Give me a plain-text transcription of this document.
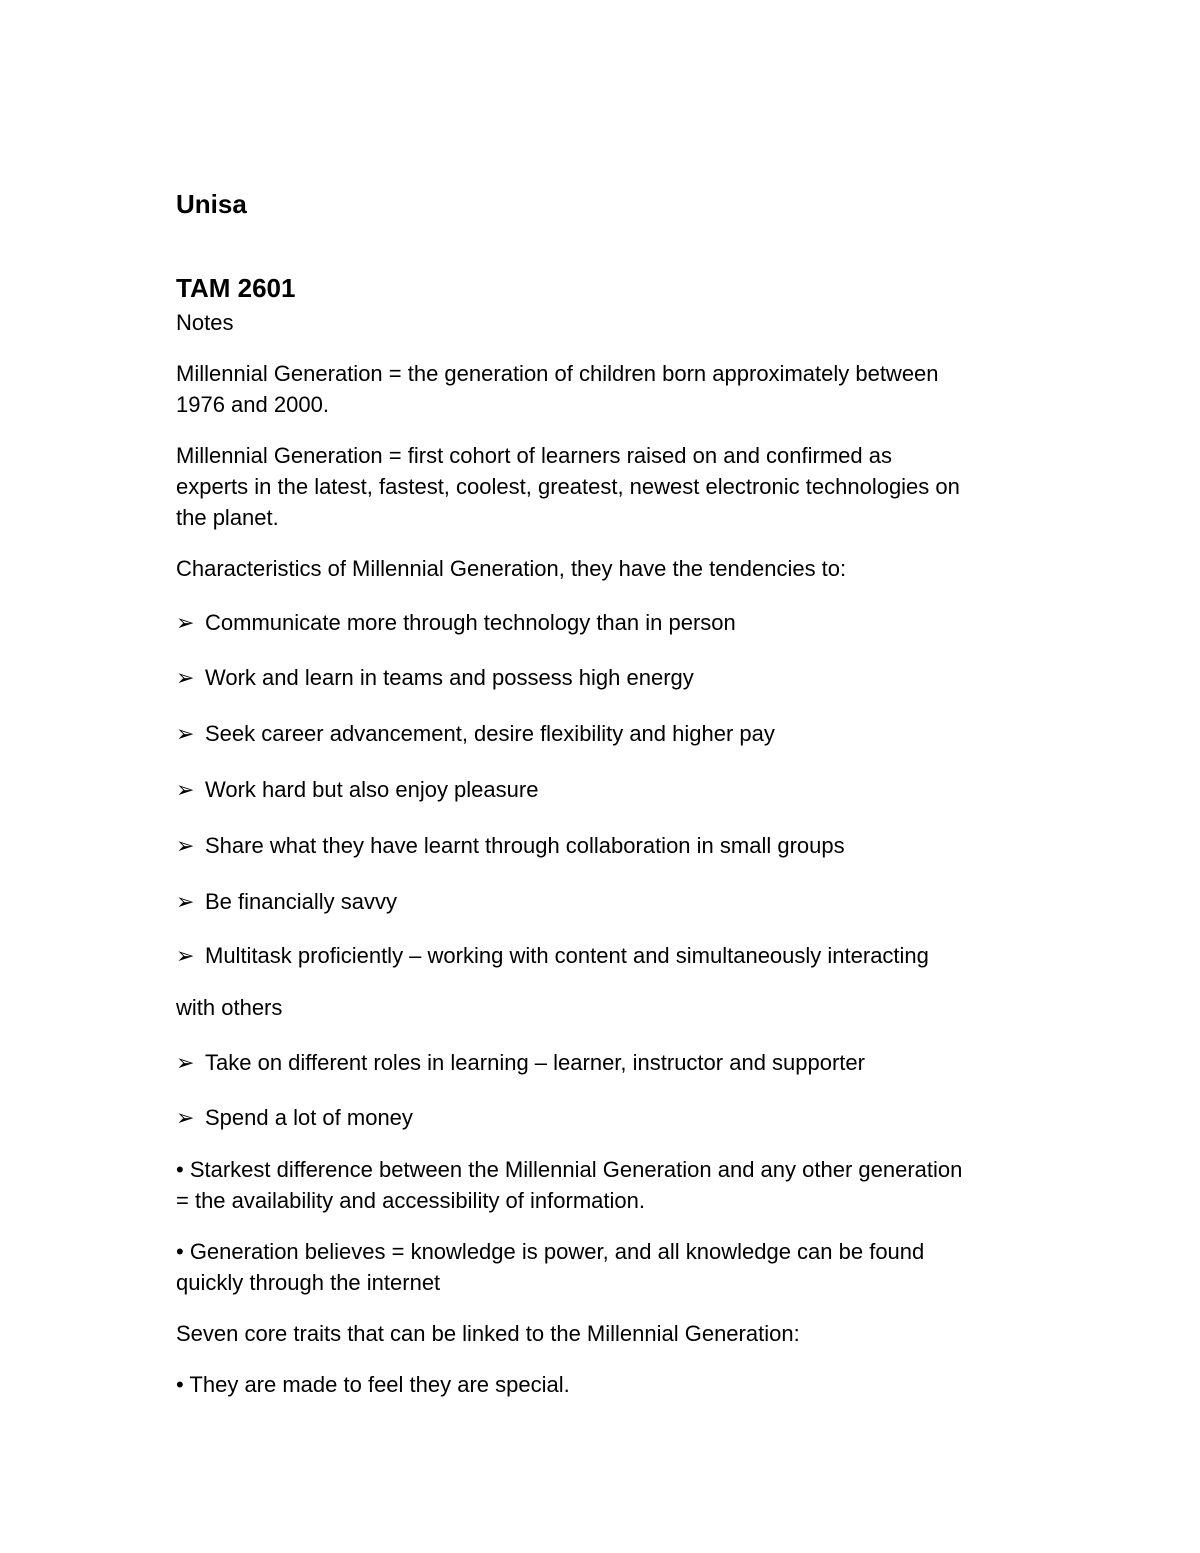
Unisa

TAM 2601

Notes

Millennial Generation = the generation of children born approximately between

1976 and 2000.

Millennial Generation = first cohort of learners raised on and confirmed as

experts in the latest, fastest, coolest, greatest, newest electronic technologies on

the planet.

Characteristics of Millennial Generation, they have the tendencies to:

➢ Communicate more through technology than in person

➢ Work and learn in teams and possess high energy

➢ Seek career advancement, desire flexibility and higher pay

➢ Work hard but also enjoy pleasure

➢ Share what they have learnt through collaboration in small groups

➢ Be financially savvy

➢ Multitask proficiently – working with content and simultaneously interacting

with others

➢ Take on different roles in learning – learner, instructor and supporter

➢ Spend a lot of money

• Starkest difference between the Millennial Generation and any other generation

= the availability and accessibility of information.

• Generation believes = knowledge is power, and all knowledge can be found

quickly through the internet

Seven core traits that can be linked to the Millennial Generation:

• They are made to feel they are special.
